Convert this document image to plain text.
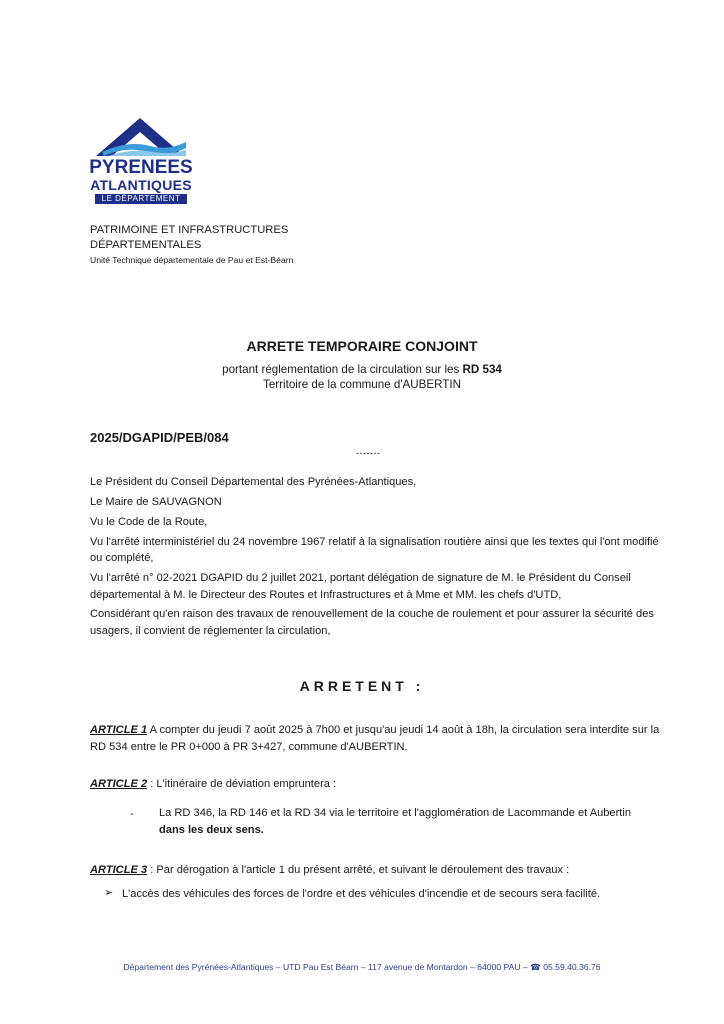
PYRENEES
ATLANTIQUES
LE DÉPARTEMENT
PATRIMOINE ET INFRASTRUCTURES
DÉPARTEMENTALES
Unité Technique départementale de Pau et Est-Béarn
ARRETE TEMPORAIRE CONJOINT
portant réglementation de la circulation sur les RD 534
Territoire de la commune d'AUBERTIN
2025/DGAPID/PEB/084
-------

Le Président du Conseil Départemental des Pyrénées-Atlantiques,

Le Maire de SAUVAGNON

Vu le Code de la Route,

Vu l'arrêté interministériel du 24 novembre 1967 relatif à la signalisation routière ainsi que les textes qui l'ont modifié ou complété,

Vu l'arrêté n° 02-2021 DGAPID du 2 juillet 2021, portant délégation de signature de M. le Président du Conseil départemental à M. le Directeur des Routes et Infrastructures et à Mme et MM. les chefs d'UTD,

Considérant qu'en raison des travaux de renouvellement de la couche de roulement et pour assurer la sécurité des usagers, il convient de réglementer la circulation,

ARRETENT :
ARTICLE 1 A compter du jeudi 7 août 2025 à 7h00 et jusqu'au jeudi 14 août à 18h, la circulation sera interdite sur la RD 534 entre le PR 0+000 à PR 3+427, commune d'AUBERTIN.
ARTICLE 2 : L'itinéraire de déviation empruntera :
- La RD 346, la RD 146 et la RD 34 via le territoire et l'agglomération de Lacommande et Aubertin dans les deux sens.
ARTICLE 3 : Par dérogation à l'article 1 du présent arrêté, et suivant le déroulement des travaux :
➢ L'accès des véhicules des forces de l'ordre et des véhicules d'incendie et de secours sera facilité.
Département des Pyrénées-Atlantiques – UTD Pau Est Béarn – 117 avenue de Montardon – 64000 PAU – ☎ 05.59.40.36.76
